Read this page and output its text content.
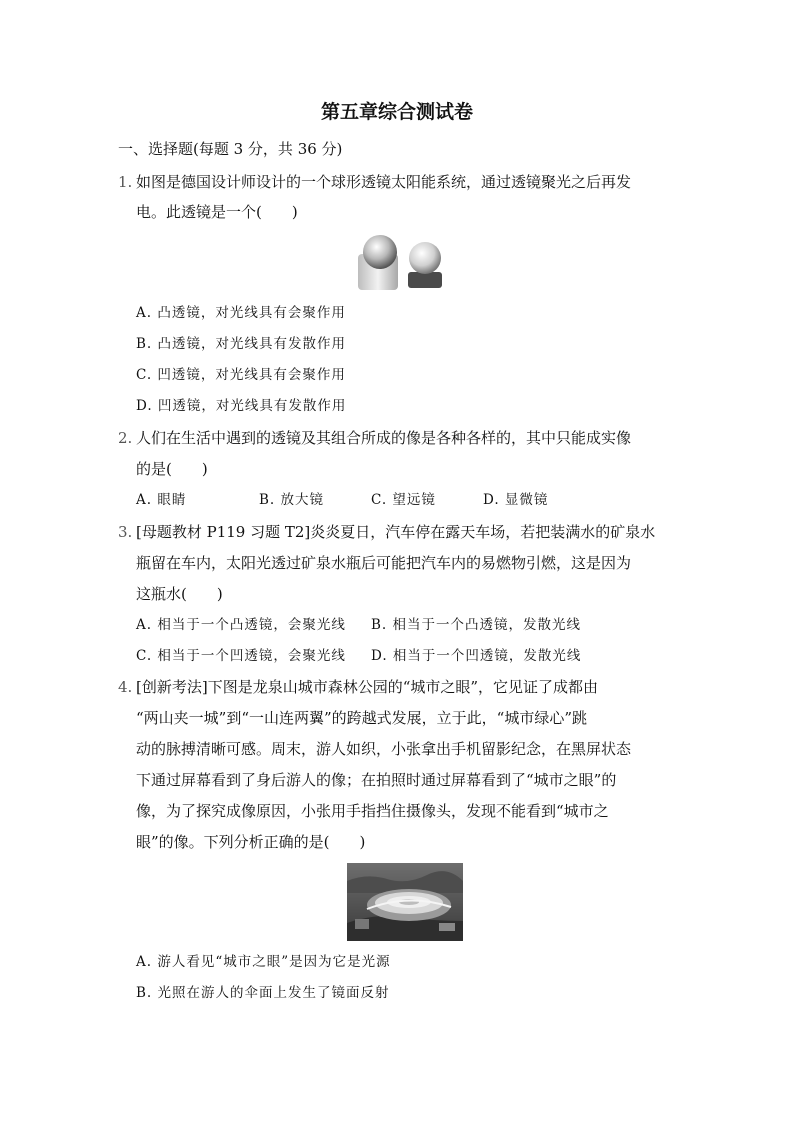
第五章综合测试卷
一、选择题(每题 3 分，共 36 分)
1. 如图是德国设计师设计的一个球形透镜太阳能系统，通过透镜聚光之后再发
电。此透镜是一个(　　)
A. 凸透镜，对光线具有会聚作用
B. 凸透镜，对光线具有发散作用
C. 凹透镜，对光线具有会聚作用
D. 凹透镜，对光线具有发散作用
2. 人们在生活中遇到的透镜及其组合所成的像是各种各样的，其中只能成实像
的是(　　)
A. 眼睛	B. 放大镜	C. 望远镜	D. 显微镜
3. [母题教材 P119 习题 T2]炎炎夏日，汽车停在露天车场，若把装满水的矿泉水
瓶留在车内，太阳光透过矿泉水瓶后可能把汽车内的易燃物引燃，这是因为
这瓶水(　　)
A. 相当于一个凸透镜，会聚光线 B. 相当于一个凸透镜，发散光线
C. 相当于一个凹透镜，会聚光线 D. 相当于一个凹透镜，发散光线
4. [创新考法]下图是龙泉山城市森林公园的“城市之眼”，它见证了成都由
“两山夹一城”到“一山连两翼”的跨越式发展，立于此，“城市绿心”跳
动的脉搏清晰可感。周末，游人如织，小张拿出手机留影纪念，在黑屏状态
下通过屏幕看到了身后游人的像；在拍照时通过屏幕看到了“城市之眼”的
像，为了探究成像原因，小张用手指挡住摄像头，发现不能看到“城市之
眼”的像。下列分析正确的是(　　)
A. 游人看见“城市之眼”是因为它是光源
B. 光照在游人的伞面上发生了镜面反射
